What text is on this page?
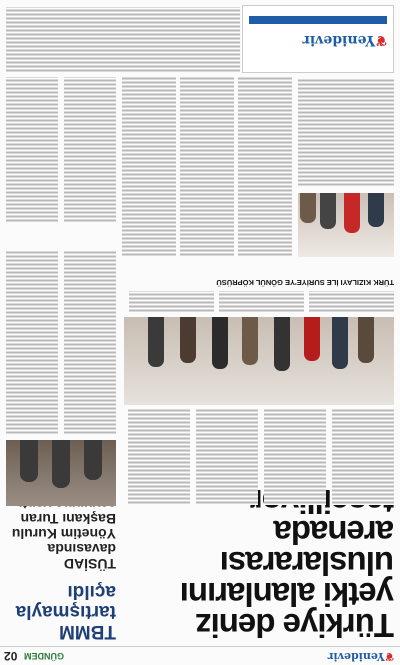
❦Yenidevir
GÜNDEM
02
Türkiye deniz yetki alanlarını uluslararası arenada
TBMM tartışmayla açıldı
TÜSİAD davasında Yönetim Kurulu Başkanı Turan
TÜRK KIZILAYI İLE SURİYE'YE GÖNÜL KÖPRÜSÜ
❦Yenidevir
